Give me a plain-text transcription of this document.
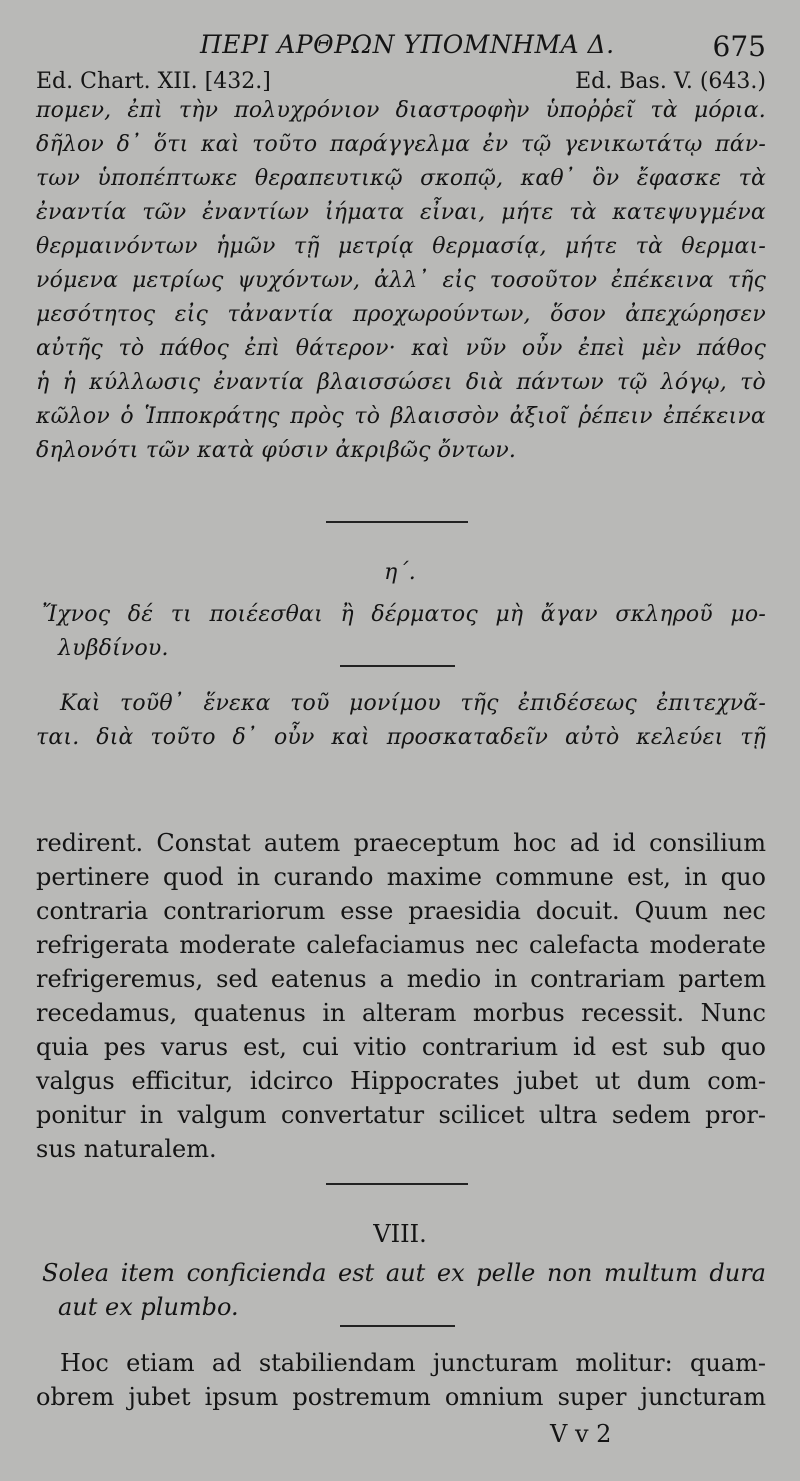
ΠΕΡΙ ΑΡΘΡΩΝ ΥΠΟΜΝΗΜΑ Δ.	675
Ed. Chart. XII. [432.]	Ed. Bas. V. (643.)
πομεν, ἐπὶ τὴν πολυχρόνιον διαστροφὴν ὑποῤῥεῖ τὰ μόρια.
δῆλον δ᾽ ὅτι καὶ τοῦτο παράγγελμα ἐν τῷ γενικωτάτῳ πάν-
των ὑποπέπτωκε θεραπευτικῷ σκοπῷ, καθ᾽ ὃν ἔφασκε τὰ
ἐναντία τῶν ἐναντίων ἰήματα εἶναι, μήτε τὰ κατεψυγμένα
θερμαινόντων ἡμῶν τῇ μετρίᾳ θερμασίᾳ, μήτε τὰ θερμαι-
νόμενα μετρίως ψυχόντων, ἀλλ᾽ εἰς τοσοῦτον ἐπέκεινα τῆς
μεσότητος εἰς τἀναντία προχωρούντων, ὅσον ἀπεχώρησεν
αὐτῆς τὸ πάθος ἐπὶ θάτερον· καὶ νῦν οὖν ἐπεὶ μὲν πάθος
ἡ ἡ κύλλωσις ἐναντία βλαισσώσει διὰ πάντων τῷ λόγῳ, τὸ
κῶλον ὁ Ἱπποκράτης πρὸς τὸ βλαισσὸν ἀξιοῖ ῥέπειν ἐπέκεινα
δηλονότι τῶν κατὰ φύσιν ἀκριβῶς ὄντων.
η΄.
Ἴχνος δέ τι ποιέεσθαι ἢ δέρματος μὴ ἄγαν σκληροῦ μο-
λυβδίνου.
Καὶ τοῦθ᾽ ἕνεκα τοῦ μονίμου τῆς ἐπιδέσεως ἐπιτεχνᾶ-
ται. διὰ τοῦτο δ᾽ οὖν καὶ προσκαταδεῖν αὐτὸ κελεύει τῇ
redirent. Constat autem praeceptum hoc ad id consilium
pertinere quod in curando maxime commune est, in quo
contraria contrariorum esse praesidia docuit. Quum nec
refrigerata moderate calefaciamus nec calefacta moderate
refrigeremus, sed eatenus a medio in contrariam partem
recedamus, quatenus in alteram morbus recessit. Nunc
quia pes varus est, cui vitio contrarium id est sub quo
valgus efficitur, idcirco Hippocrates jubet ut dum com-
ponitur in valgum convertatur scilicet ultra sedem pror-
sus naturalem.
VIII.
Solea item conficienda est aut ex pelle non multum dura
aut ex plumbo.
Hoc etiam ad stabiliendam juncturam molitur: quam-
obrem jubet ipsum postremum omnium super juncturam
V v 2
